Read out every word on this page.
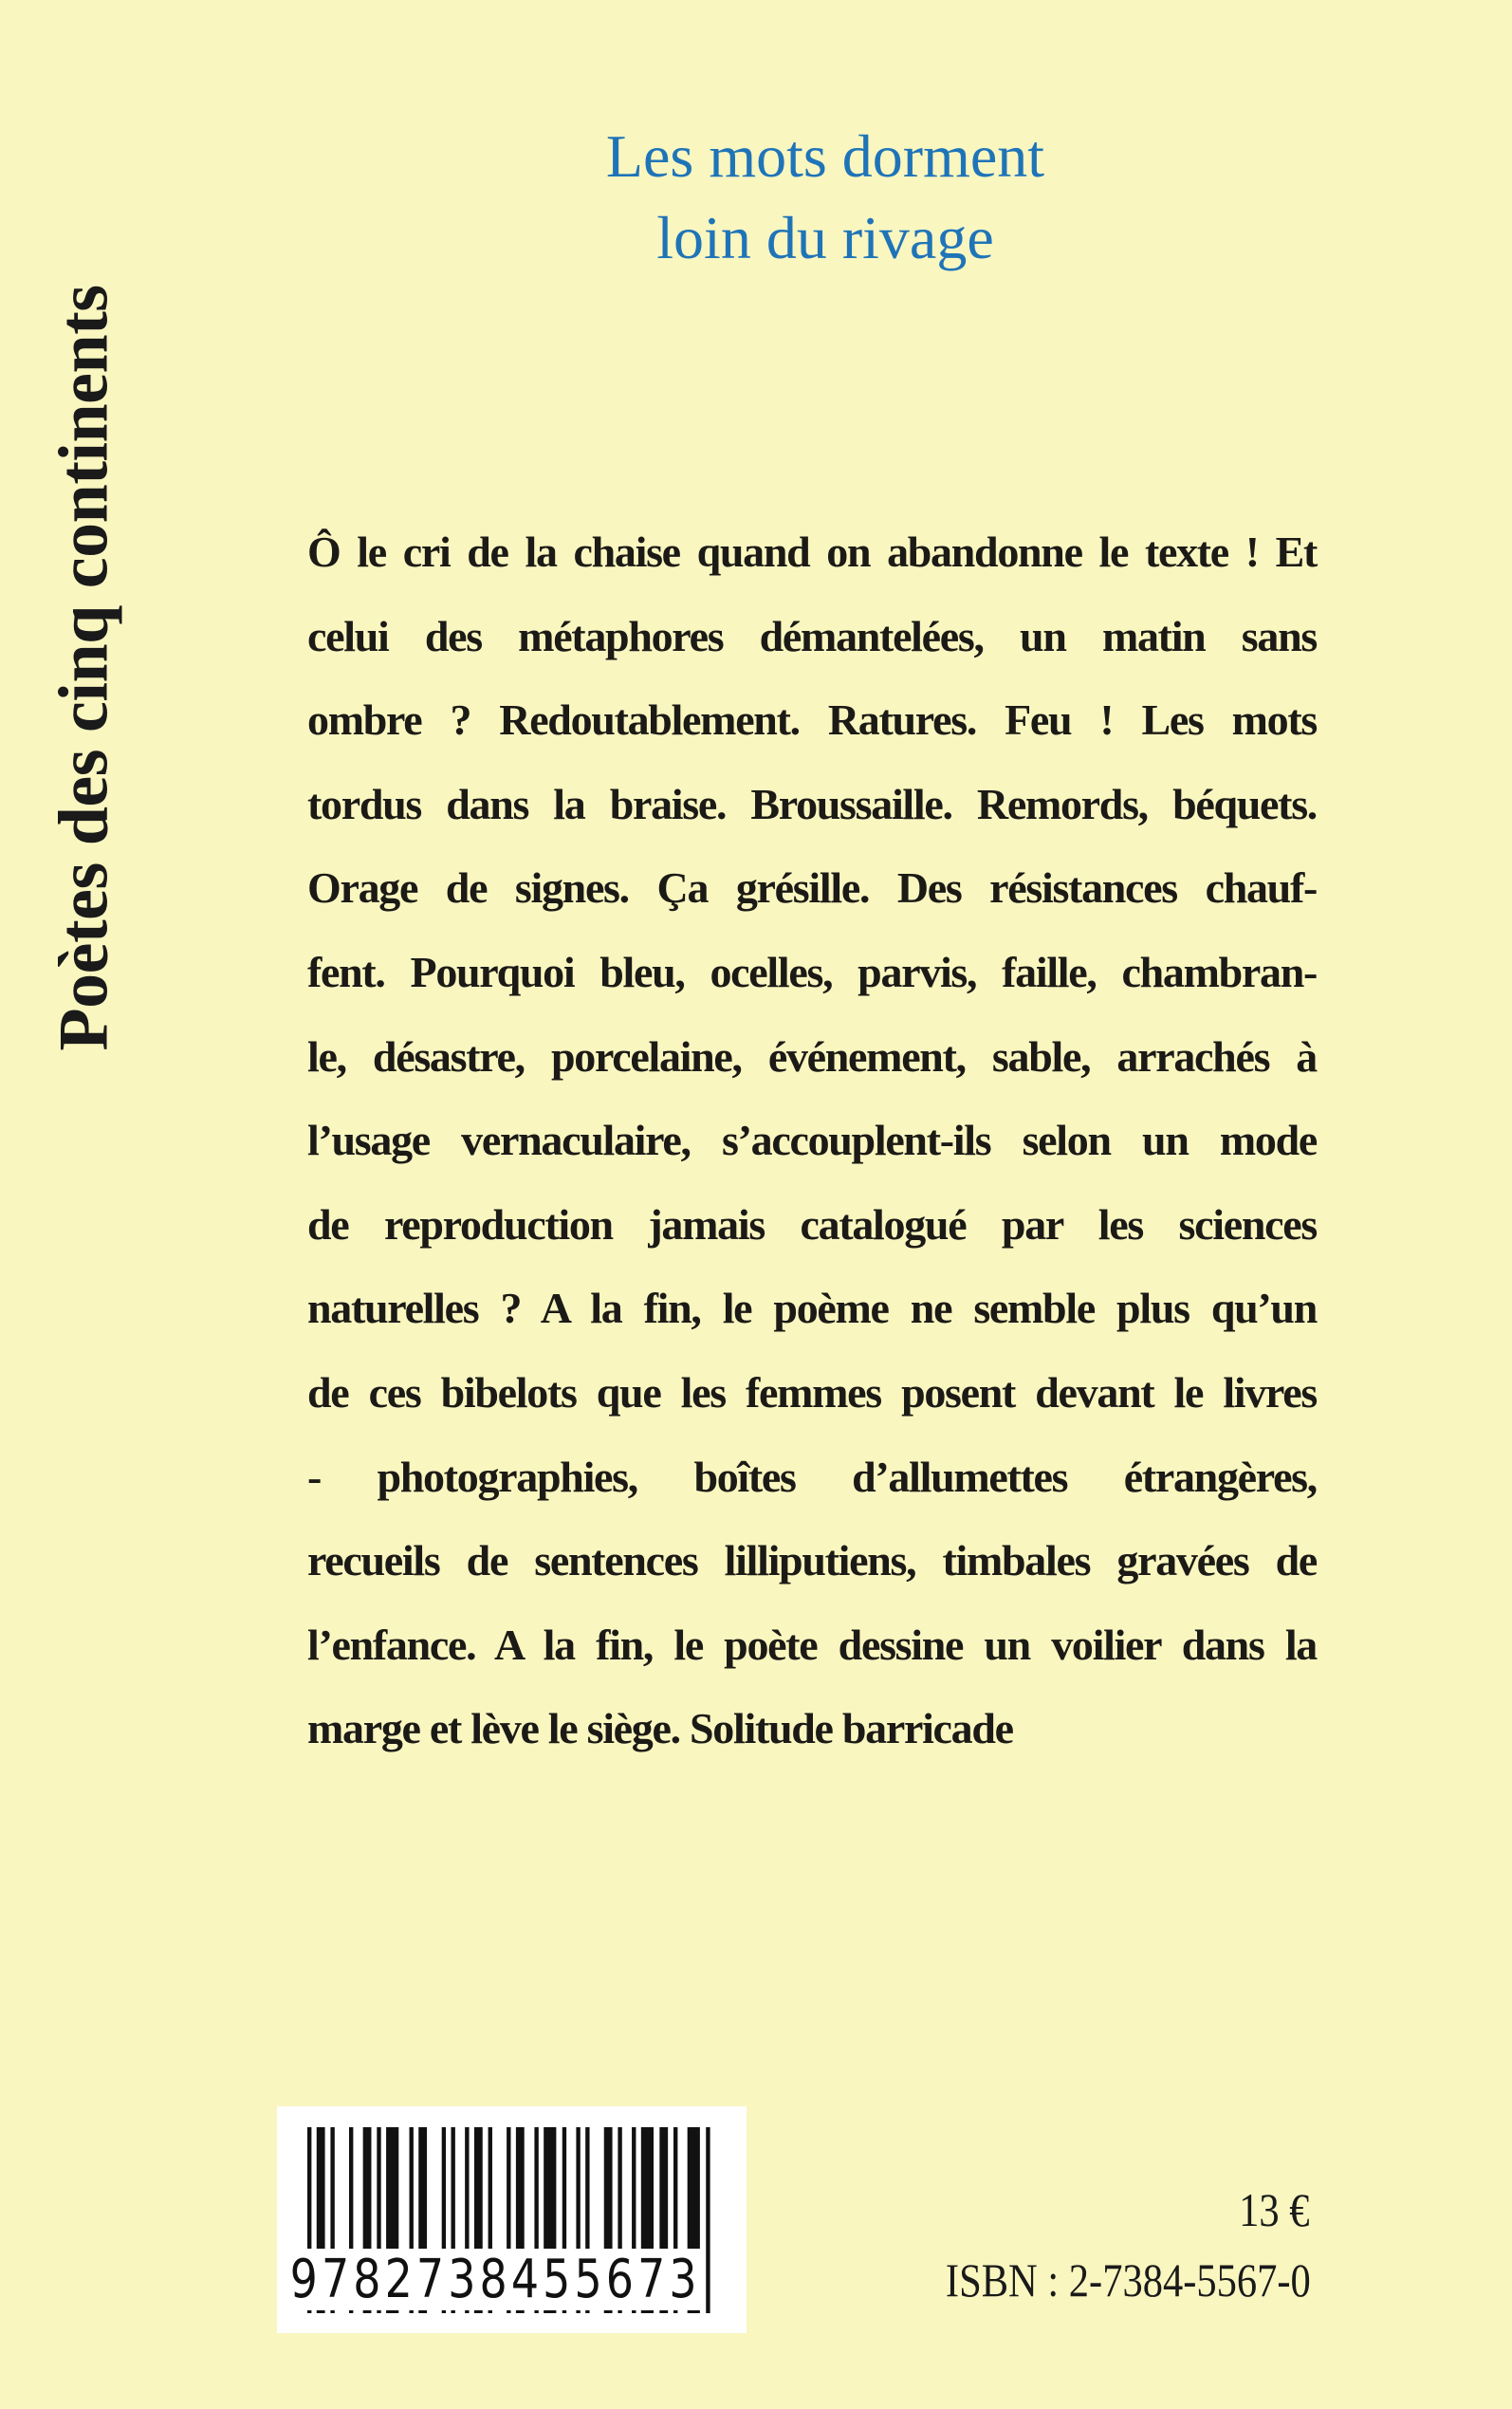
Les mots dorment
loin du rivage
Poètes des cinq continents	Ô le cri de la chaise quand on abandonne le texte ! Et
celui des métaphores démantelées, un matin sans
ombre ? Redoutablement. Ratures. Feu ! Les mots
tordus dans la braise. Broussaille. Remords, béquets.
Orage de signes. Ça grésille. Des résistances chauf-
fent. Pourquoi bleu, ocelles, parvis, faille, chambran-
le, désastre, porcelaine, événement, sable, arrachés à
l’usage vernaculaire, s’accouplent-ils selon un mode
de reproduction jamais catalogué par les sciences
naturelles ? A la fin, le poème ne semble plus qu’un
de ces bibelots que les femmes posent devant le livres
- photographies, boîtes d’allumettes étrangères,
recueils de sentences lilliputiens, timbales gravées de
l’enfance. A la fin, le poète dessine un voilier dans la
marge et lève le siège. Solitude barricade
9782738455673
13 €
ISBN : 2-7384-5567-0
